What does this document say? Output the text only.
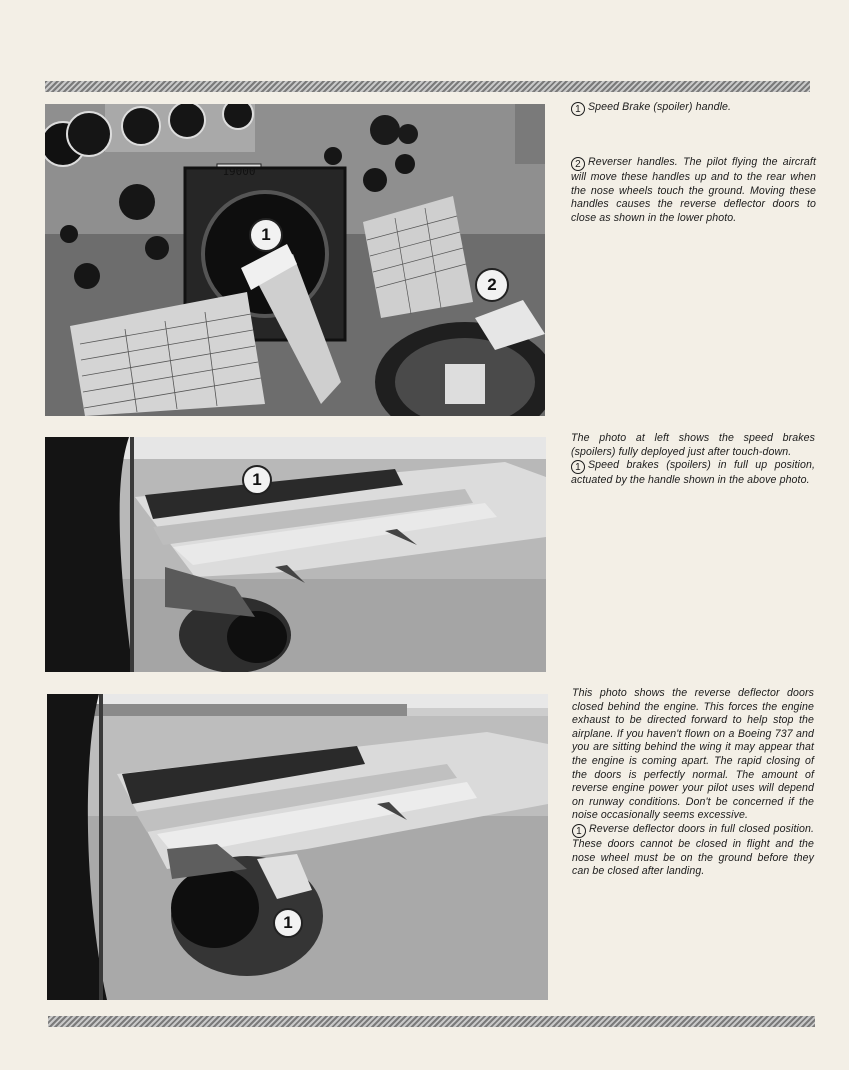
1
2
19000
1
1
1 Speed Brake (spoiler) handle.
2 Reverser handles. The pilot flying the aircraft will move these handles up and to the rear when the nose wheels touch the ground. Moving these handles causes the reverse deflector doors to close as shown in the lower photo.
The photo at left shows the speed brakes (spoilers) fully deployed just after touch-down.
1 Speed brakes (spoilers) in full up position, actuated by the handle shown in the above photo.
This photo shows the reverse deflector doors closed behind the engine. This forces the engine exhaust to be directed forward to help stop the airplane. If you haven't flown on a Boeing 737 and you are sitting behind the wing it may appear that the engine is coming apart. The rapid closing of the doors is perfectly normal. The amount of reverse engine power your pilot uses will depend on runway conditions. Don't be concerned if the noise occasionally seems excessive.
1 Reverse deflector doors in full closed position. These doors cannot be closed in flight and the nose wheel must be on the ground before they can be closed after landing.
